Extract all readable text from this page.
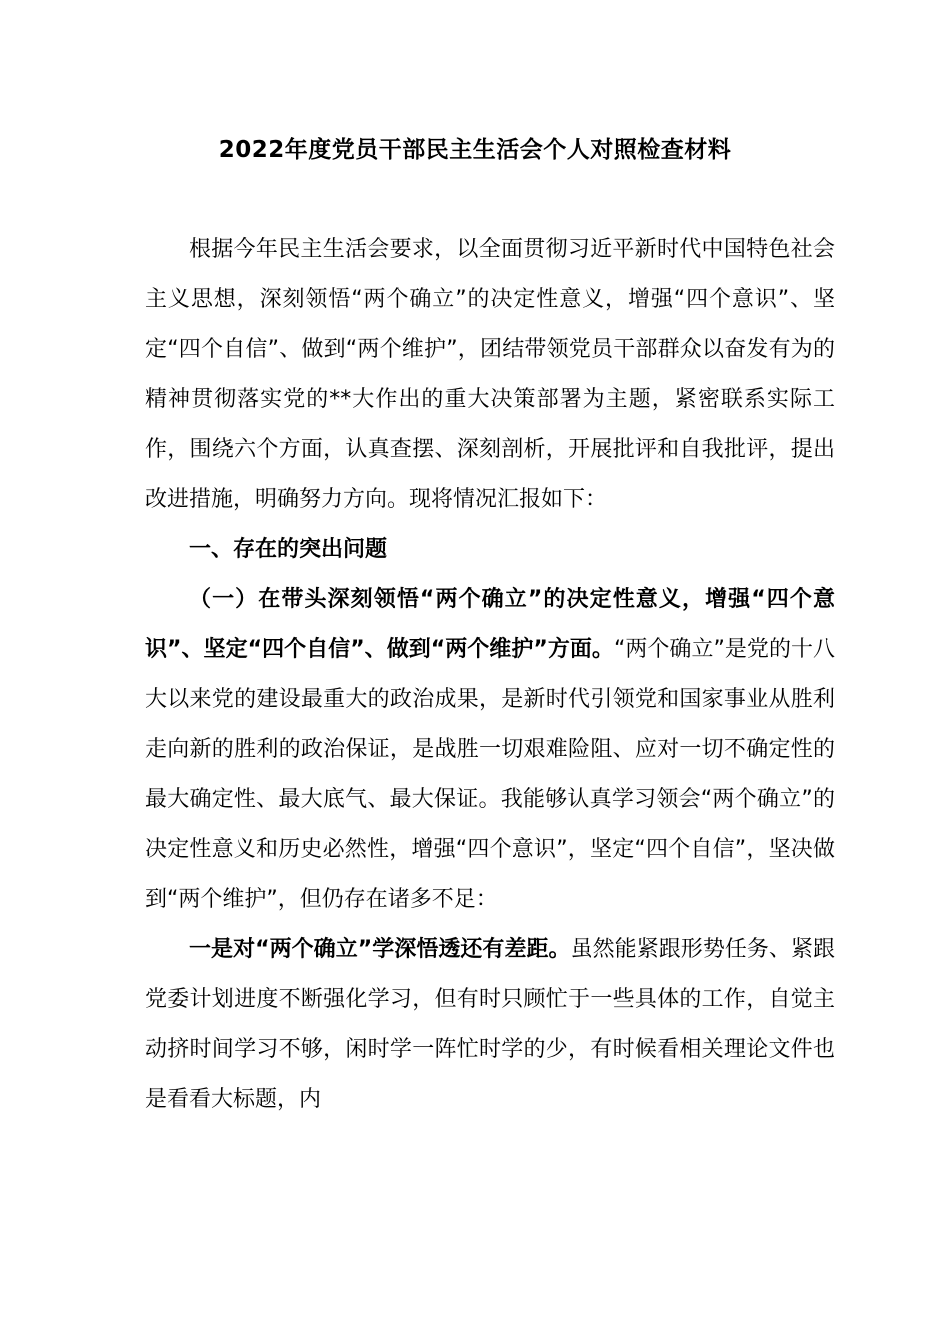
2022年度党员干部民主生活会个人对照检查材料

根据今年民主生活会要求，以全面贯彻习近平新时代中国特色社会主义思想，深刻领悟“两个确立”的决定性意义，增强“四个意识”、坚定“四个自信”、做到“两个维护”，团结带领党员干部群众以奋发有为的精神贯彻落实党的**大作出的重大决策部署为主题，紧密联系实际工作，围绕六个方面，认真查摆、深刻剖析，开展批评和自我批评，提出改进措施，明确努力方向。现将情况汇报如下：

一、存在的突出问题

（一）在带头深刻领悟“两个确立”的决定性意义，增强“四个意识”、坚定“四个自信”、做到“两个维护”方面。“两个确立”是党的十八大以来党的建设最重大的政治成果，是新时代引领党和国家事业从胜利走向新的胜利的政治保证，是战胜一切艰难险阻、应对一切不确定性的最大确定性、最大底气、最大保证。我能够认真学习领会“两个确立”的决定性意义和历史必然性，增强“四个意识”，坚定“四个自信”，坚决做到“两个维护”，但仍存在诸多不足：

一是对“两个确立”学深悟透还有差距。虽然能紧跟形势任务、紧跟党委计划进度不断强化学习，但有时只顾忙于一些具体的工作，自觉主动挤时间学习不够，闲时学一阵忙时学的少，有时候看相关理论文件也是看看大标题，内
